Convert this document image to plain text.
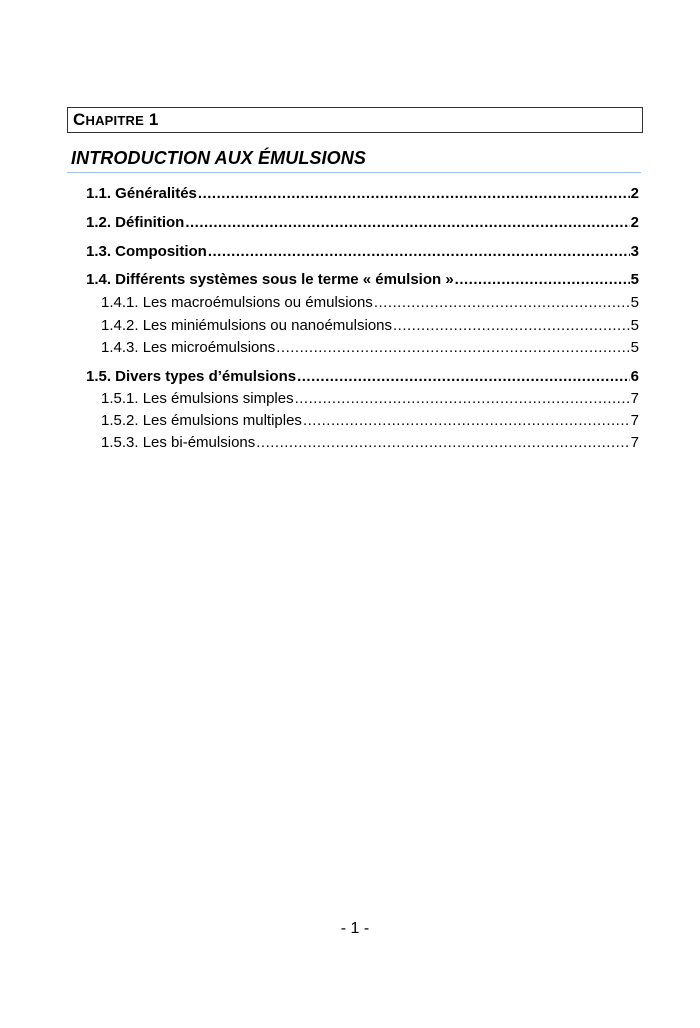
C HAPITRE
1
INTRODUCTION AUX ÉMULSIONS
1.1. Généralités .....	2
1.2. Définition .....	2
1.3. Composition .....	3
1.4. Différents systèmes sous le terme « émulsion » .....	5
1.4.1. Les macroémulsions ou émulsions .....	5
1.4.2. Les miniémulsions ou nanoémulsions .....	5
1.4.3. Les microémulsions .....	5
1.5. Divers types d’émulsions .....	6
1.5.1. Les émulsions simples .....	7
1.5.2. Les émulsions multiples .....	7
1.5.3. Les bi-émulsions .....	7
- 1 -
